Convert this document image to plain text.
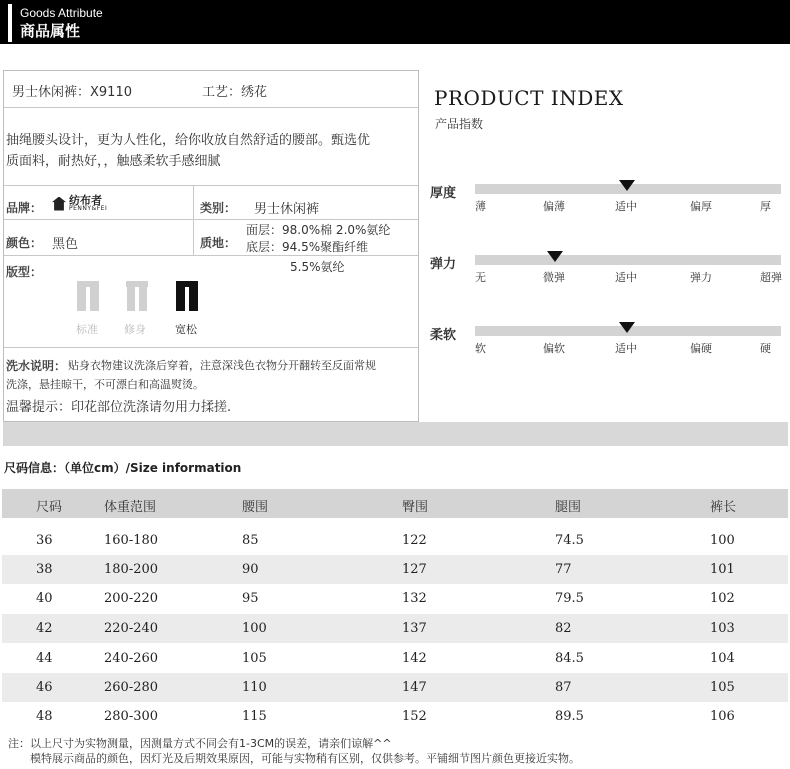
Goods Attribute
商品属性
男士休闲裤：X9110	工艺：绣花
抽绳腰头设计，更为人性化，给你收放自然舒适的腰部。甄选优
质面料，耐热好，，触感柔软手感细腻
品牌：
纺布者
PENNY&FEI	类别： 男士休闲裤
颜色： 黑色	质地：
面层：98.0%棉 2.0%氨纶
底层：94.5%聚酯纤维
5.5%氨纶
版型：
标准 修身	宽松
洗水说明： 贴身衣物建议洗涤后穿着，注意深浅色衣物分开翻转至反面常规
洗涤，悬挂晾干，不可漂白和高温熨烫。
温馨提示：印花部位洗涤请勿用力揉搓.
PRODUCT INDEX
产品指数
厚度
薄	偏薄	适中	偏厚	厚
弹力
无	微弹	适中	弹力	超弹
柔软
软	偏软	适中	偏硬	硬
尺码信息：（单位cm）/Size information
尺码	体重范围	腰围	臀围	腿围	裤长
36	160-180	85	122	74.5	100
38	180-200	90	127	77	101
40	200-220	95	132	79.5	102
42	220-240	100	137	82	103
44	240-260	105	142	84.5	104
46	260-280	110	147	87	105
48	280-300	115	152	89.5	106
注：以上尺寸为实物测量，因测量方式不同会有1-3CM的误差，请亲们谅解^^
模特展示商品的颜色，因灯光及后期效果原因，可能与实物稍有区别，仅供参考。平铺细节图片颜色更接近实物。
